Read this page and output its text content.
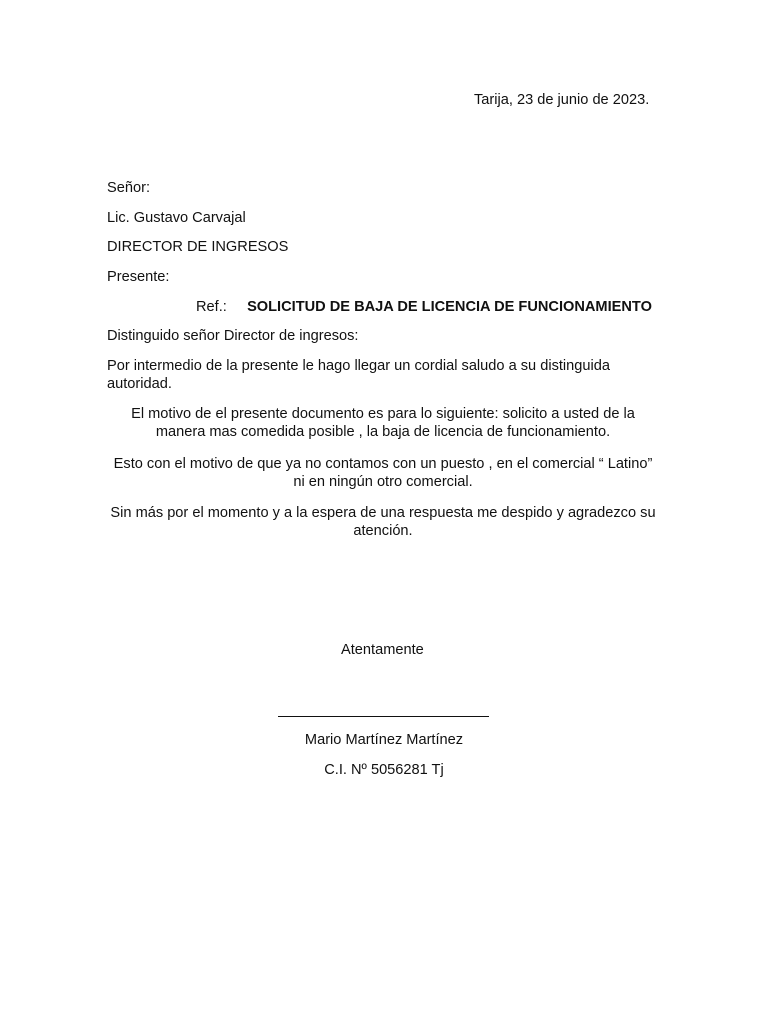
Tarija, 23 de junio de 2023.
Señor:
Lic. Gustavo Carvajal
DIRECTOR DE INGRESOS
Presente:
Ref.: SOLICITUD DE BAJA DE LICENCIA DE FUNCIONAMIENTO
Distinguido señor Director de ingresos:
Por intermedio de la presente le hago llegar un cordial saludo a su distinguida autoridad.
El motivo de el presente documento es para lo siguiente: solicito a usted de la manera mas comedida posible , la baja de licencia de funcionamiento.
Esto con el motivo de que ya no contamos con un puesto , en el comercial “ Latino” ni en ningún otro comercial.
Sin más por el momento y a la espera de una respuesta me despido y agradezco su atención.
Atentamente
Mario Martínez Martínez
C.I. Nº 5056281 Tj
